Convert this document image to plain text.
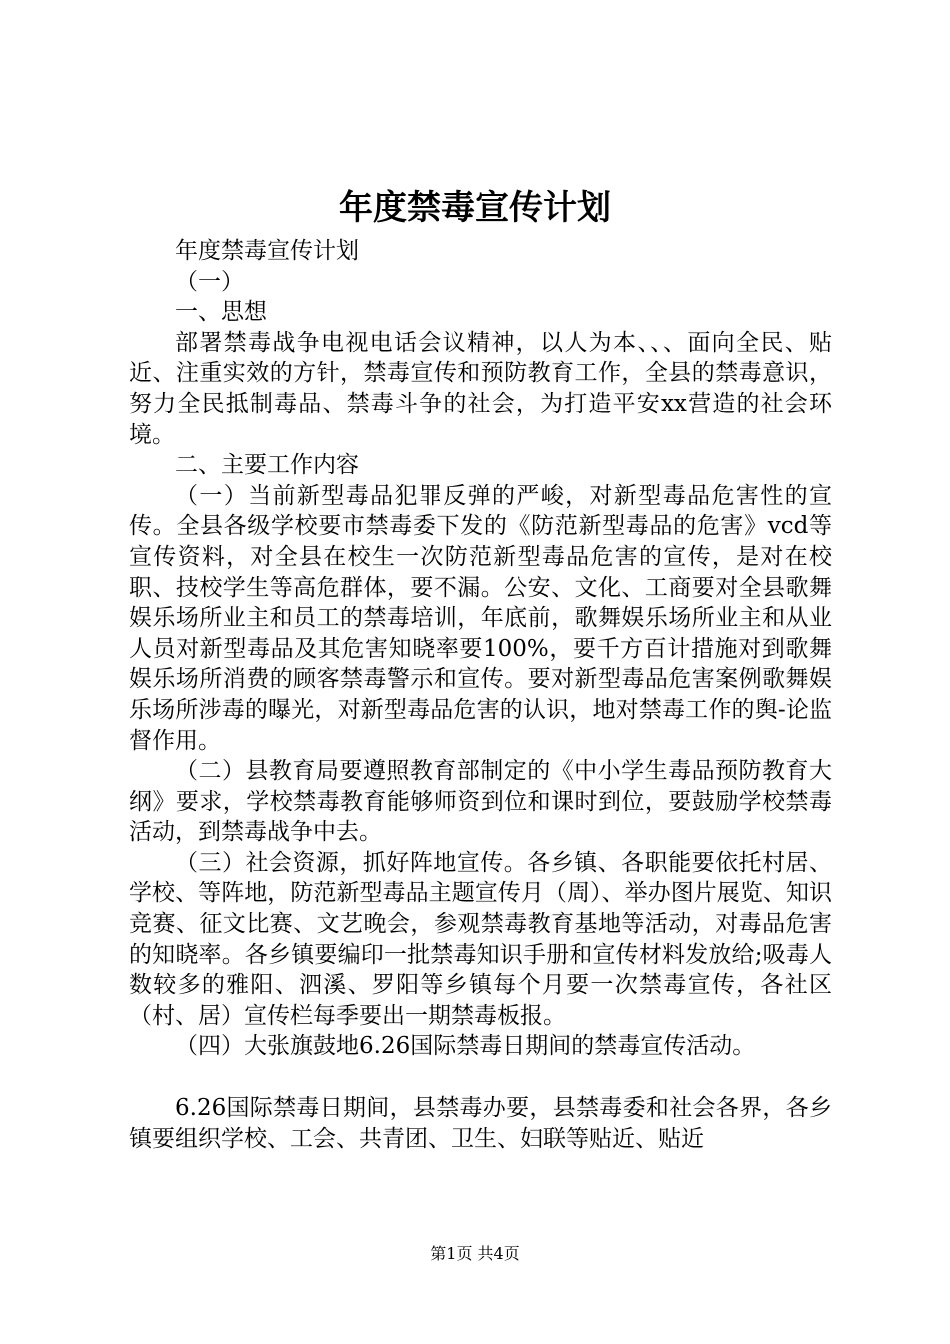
年度禁毒宣传计划

年度禁毒宣传计划

（一）

一、思想

部署禁毒战争电视电话会议精神，以人为本、、、面向全民、贴近、注重实效的方针，禁毒宣传和预防教育工作，全县的禁毒意识，努力全民抵制毒品、禁毒斗争的社会，为打造平安xx营造的社会环境。

二、主要工作内容

（一）当前新型毒品犯罪反弹的严峻，对新型毒品危害性的宣传。全县各级学校要市禁毒委下发的《防范新型毒品的危害》vcd等宣传资料，对全县在校生一次防范新型毒品危害的宣传，是对在校职、技校学生等高危群体，要不漏。公安、文化、工商要对全县歌舞娱乐场所业主和员工的禁毒培训，年底前，歌舞娱乐场所业主和从业人员对新型毒品及其危害知晓率要100%，要千方百计措施对到歌舞娱乐场所消费的顾客禁毒警示和宣传。要对新型毒品危害案例歌舞娱乐场所涉毒的曝光，对新型毒品危害的认识，地对禁毒工作的舆-论监督作用。

（二）县教育局要遵照教育部制定的《中小学生毒品预防教育大纲》要求，学校禁毒教育能够师资到位和课时到位，要鼓励学校禁毒活动，到禁毒战争中去。

（三）社会资源，抓好阵地宣传。各乡镇、各职能要依托村居、学校、等阵地，防范新型毒品主题宣传月（周）、举办图片展览、知识竞赛、征文比赛、文艺晚会，参观禁毒教育基地等活动，对毒品危害的知晓率。各乡镇要编印一批禁毒知识手册和宣传材料发放给;吸毒人数较多的雅阳、泗溪、罗阳等乡镇每个月要一次禁毒宣传，各社区（村、居）宣传栏每季要出一期禁毒板报。

（四）大张旗鼓地6.26国际禁毒日期间的禁毒宣传活动。

6.26国际禁毒日期间，县禁毒办要，县禁毒委和社会各界，各乡镇要组织学校、工会、共青团、卫生、妇联等贴近、贴近

第1页 共4页
